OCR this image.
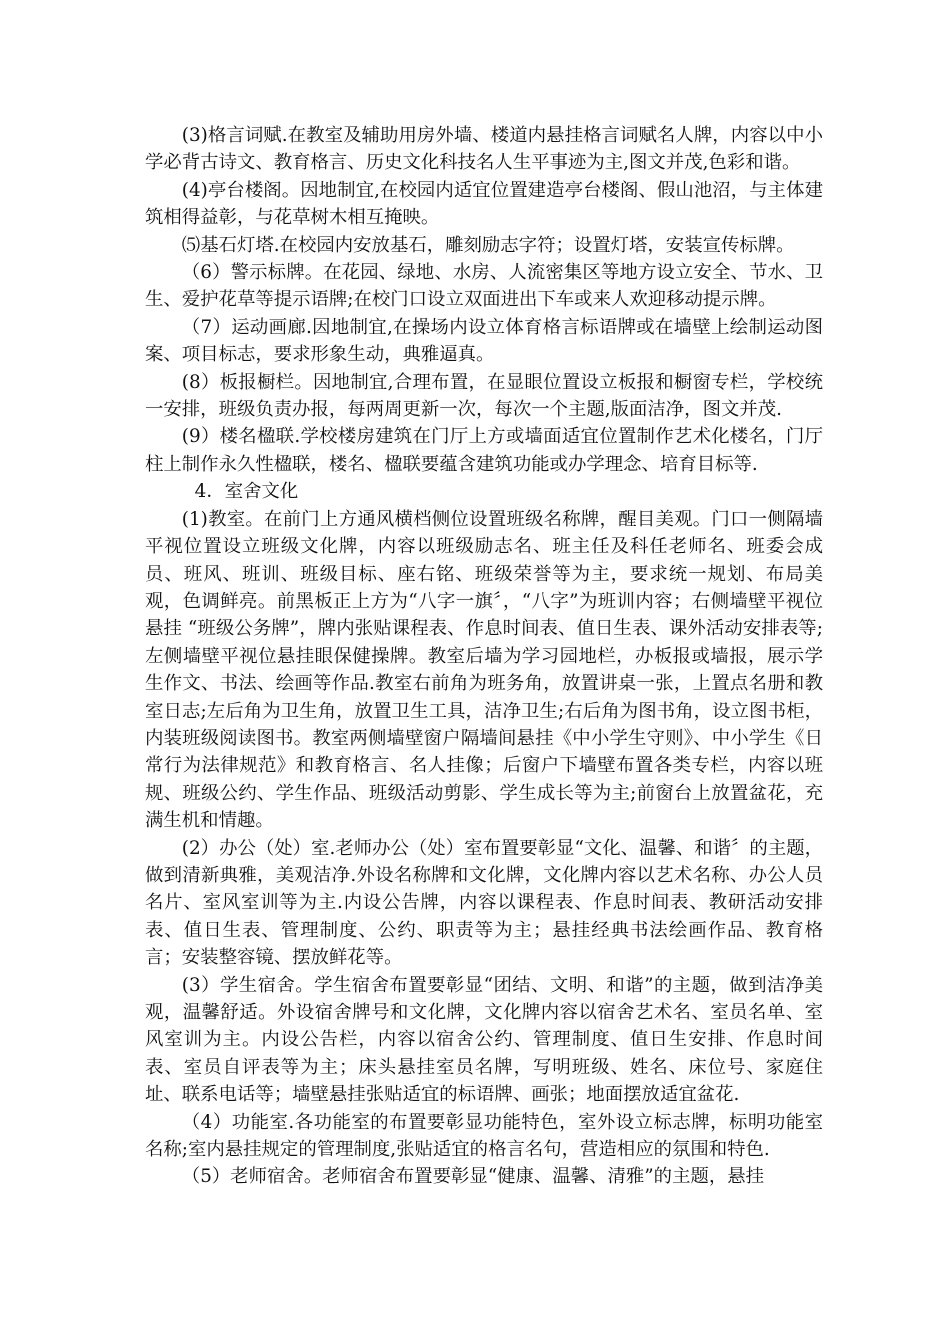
(3)格言词赋.在教室及辅助用房外墙、楼道内悬挂格言词赋名人牌，内容以中小学必背古诗文、教育格言、历史文化科技名人生平事迹为主,图文并茂,色彩和谐。

(4)亭台楼阁。因地制宜,在校园内适宜位置建造亭台楼阁、假山池沼，与主体建筑相得益彰，与花草树木相互掩映。

⑸基石灯塔.在校园内安放基石，雕刻励志字符；设置灯塔，安装宣传标牌。

（6）警示标牌。在花园、绿地、水房、人流密集区等地方设立安全、节水、卫生、爱护花草等提示语牌;在校门口设立双面进出下车或来人欢迎移动提示牌。

（7）运动画廊.因地制宜,在操场内设立体育格言标语牌或在墙壁上绘制运动图案、项目标志，要求形象生动，典雅逼真。

(8）板报橱栏。因地制宜,合理布置，在显眼位置设立板报和橱窗专栏，学校统一安排，班级负责办报，每两周更新一次，每次一个主题,版面洁净，图文并茂.

(9）楼名楹联.学校楼房建筑在门厅上方或墙面适宜位置制作艺术化楼名，门厅柱上制作永久性楹联，楼名、楹联要蕴含建筑功能或办学理念、培育目标等.

4．室舍文化

(1)教室。在前门上方通风横档侧位设置班级名称牌，醒目美观。门口一侧隔墙平视位置设立班级文化牌，内容以班级励志名、班主任及科任老师名、班委会成员、班风、班训、班级目标、座右铭、班级荣誉等为主，要求统一规划、布局美观，色调鲜亮。前黑板正上方为“八字一旗〞，“八字”为班训内容；右侧墙壁平视位悬挂 “班级公务牌”，牌内张贴课程表、作息时间表、值日生表、课外活动安排表等;左侧墙壁平视位悬挂眼保健操牌。教室后墙为学习园地栏，办板报或墙报，展示学生作文、书法、绘画等作品.教室右前角为班务角，放置讲桌一张，上置点名册和教室日志;左后角为卫生角，放置卫生工具，洁净卫生;右后角为图书角，设立图书柜，内装班级阅读图书。教室两侧墙壁窗户隔墙间悬挂《中小学生守则》、中小学生《日常行为法律规范》和教育格言、名人挂像；后窗户下墙壁布置各类专栏，内容以班规、班级公约、学生作品、班级活动剪影、学生成长等为主;前窗台上放置盆花，充满生机和情趣。

(2）办公（处）室.老师办公（处）室布置要彰显“文化、温馨、和谐〞的主题，做到清新典雅，美观洁净.外设名称牌和文化牌，文化牌内容以艺术名称、办公人员名片、室风室训等为主.内设公告牌，内容以课程表、作息时间表、教研活动安排表、值日生表、管理制度、公约、职责等为主；悬挂经典书法绘画作品、教育格言；安装整容镜、摆放鲜花等。

(3）学生宿舍。学生宿舍布置要彰显“团结、文明、和谐”的主题，做到洁净美观，温馨舒适。外设宿舍牌号和文化牌，文化牌内容以宿舍艺术名、室员名单、室风室训为主。内设公告栏，内容以宿舍公约、管理制度、值日生安排、作息时间表、室员自评表等为主；床头悬挂室员名牌，写明班级、姓名、床位号、家庭住址、联系电话等；墙壁悬挂张贴适宜的标语牌、画张；地面摆放适宜盆花.

（4）功能室.各功能室的布置要彰显功能特色，室外设立标志牌，标明功能室名称;室内悬挂规定的管理制度,张贴适宜的格言名句，营造相应的氛围和特色.

（5）老师宿舍。老师宿舍布置要彰显“健康、温馨、清雅”的主题，悬挂
